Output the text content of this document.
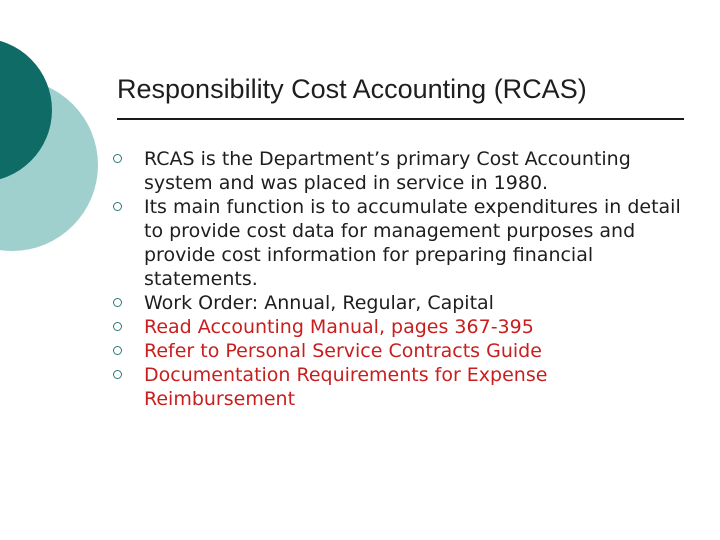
Responsibility Cost Accounting (RCAS)
RCAS is the Department’s primary Cost Accounting system and was placed in service in 1980.
Its main function is to accumulate expenditures in detail to provide cost data for management purposes and provide cost information for preparing financial statements.
Work Order: Annual, Regular, Capital
Read Accounting Manual, pages 367-395
Refer to Personal Service Contracts Guide
Documentation Requirements for Expense Reimbursement
